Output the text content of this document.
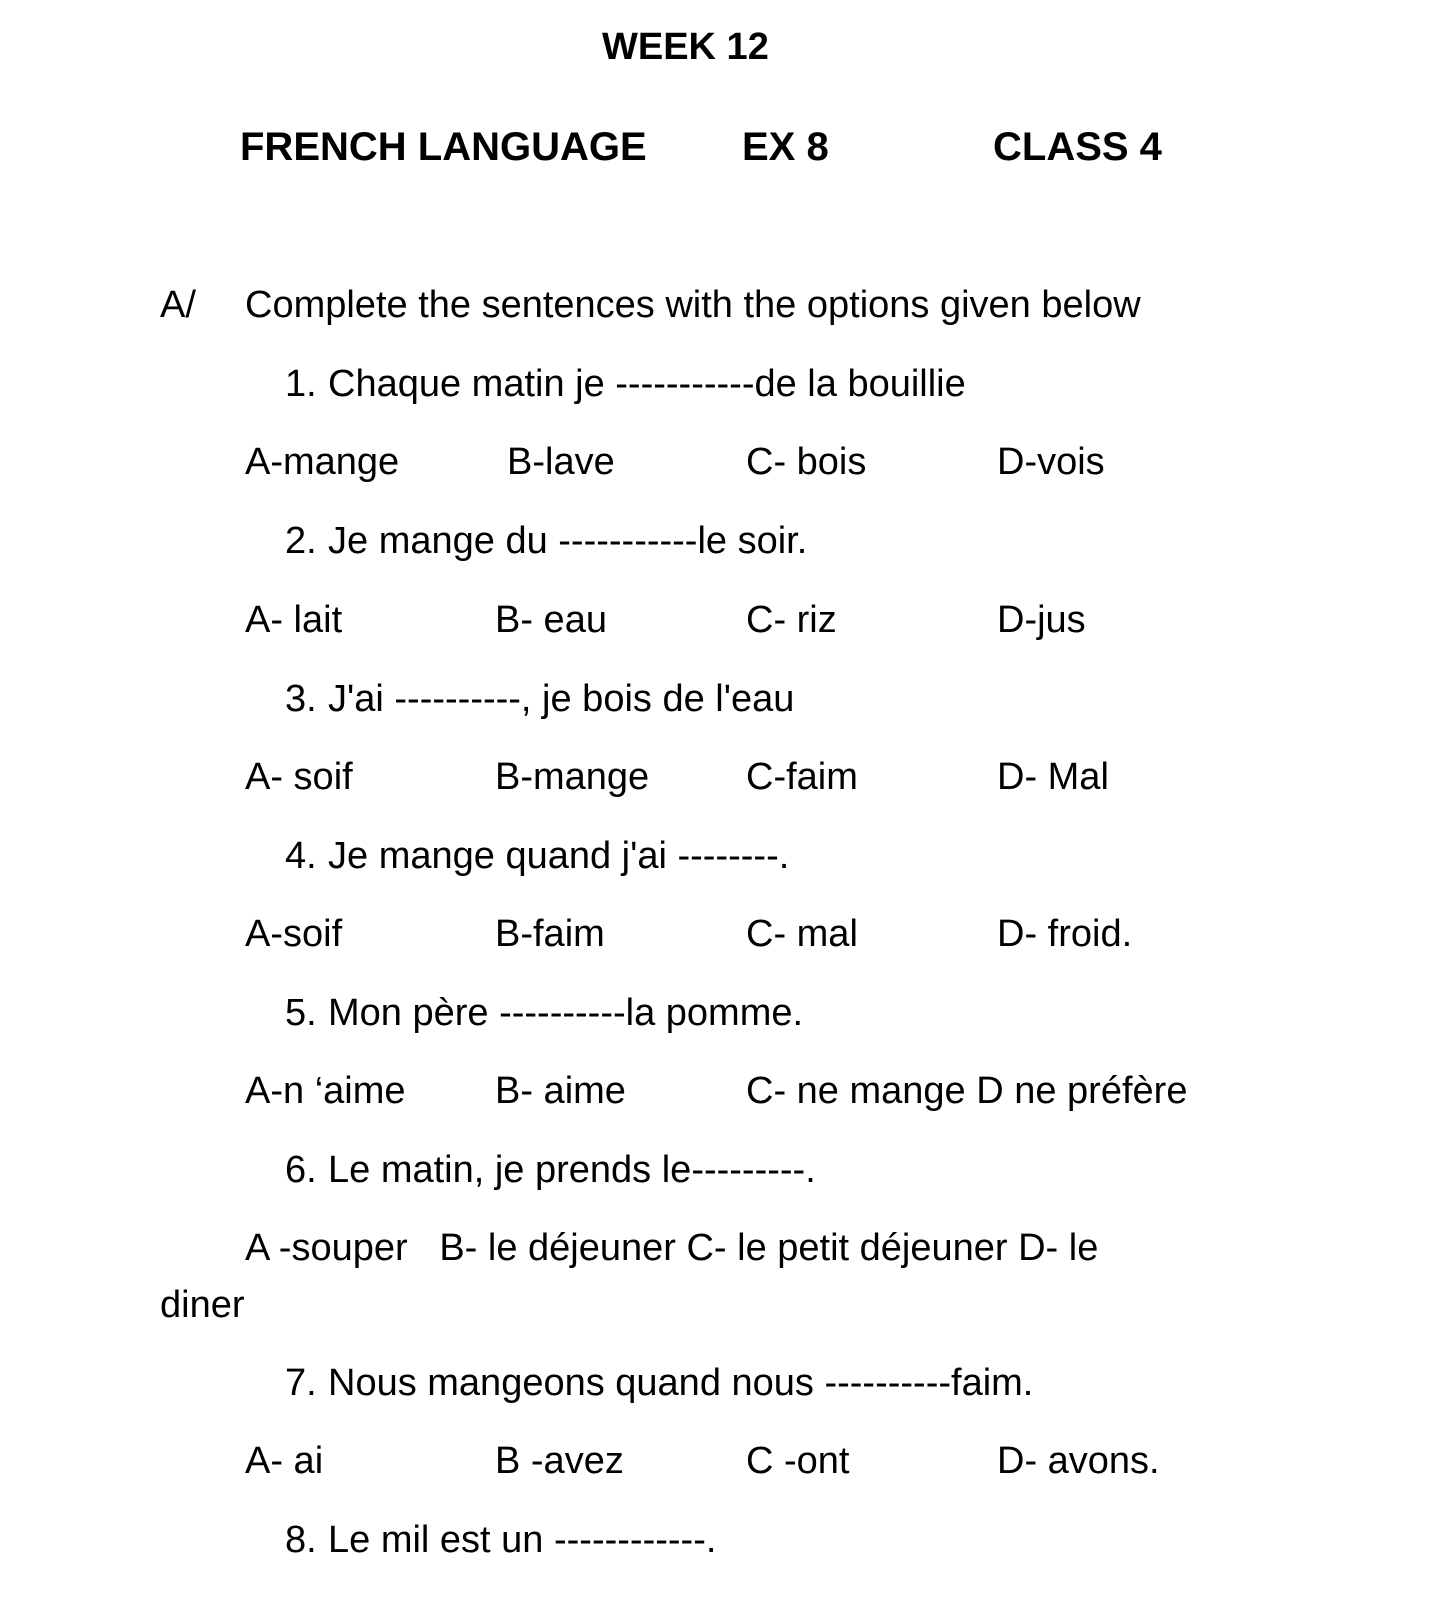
WEEK 12
FRENCH LANGUAGE EX 8	CLASS 4
A/ Complete the sentences with the options given below
1. Chaque matin je -----------de la bouillie
A-mange	B-lave	C- bois	D-vois
2. Je mange du -----------le soir.
A- lait	B- eau	C- riz	D-jus
3. J'ai ----------, je bois de l'eau
A- soif	B-mange	C-faim	D- Mal
4. Je mange quand j'ai --------.
A-soif	B-faim	C- mal	D- froid.
5. Mon père ----------la pomme.
A-n ‘aime B- aime	C- ne mange D ne préfère
6. Le matin, je prends le---------.
A -souper   B- le déjeuner C- le petit déjeuner D- le
diner
7. Nous mangeons quand nous ----------faim.
A- ai	B -avez	C -ont	D- avons.
8. Le mil est un ------------.
